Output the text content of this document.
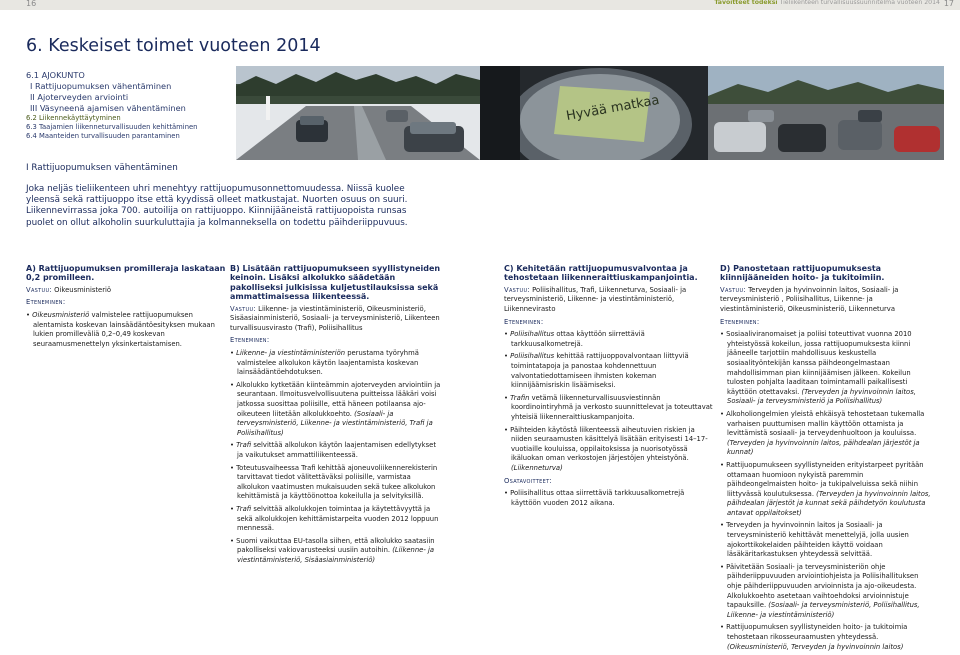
16	Tavoitteet todeksi Tieliikenteen turvallisuussuunnitelma vuoteen 2014 17
6. Keskeiset toimet vuoteen 2014
6.1 AJOKUNTO
I Rattijuopumuksen vähentäminen
II Ajoterveyden arviointi
III Väsyneenä ajamisen vähentäminen
6.2 Liikennekäyttäytyminen
6.3 Taajamien liikenneturvallisuuden kehittäminen
6.4 Maanteiden turvallisuuden parantaminen
Hyvää matkaa
I Rattijuopumuksen vähentäminen

Joka neljäs tieliikenteen uhri menehtyy rattijuopumusonnettomuudessa. Niissä kuolee

yleensä sekä rattijuoppo itse että kyydissä olleet matkustajat. Nuorten osuus on suuri.

Liikennevirrassa joka 700. autoilija on rattijuoppo. Kiinnijääneistä rattijuopoista runsas

puolet on ollut alkoholin suurkuluttajia ja kolmanneksella on todettu päihderiippuvuus.

A) Rattijuopumuksen promilleraja laskataan 0,2 promilleen.

Vastuu: Oikeusministeriö

Eteneminen:

• Oikeusministeriö valmistelee rattijuopumuksen alentamista koskevan lainsäädäntöesityksen mukaan lukien promilleväliä 0,2–0,49 koskevan seuraamusmenettelyn yksinkertaistamisen.
B) Lisätään rattijuopumukseen syyllistyneiden keinoin. Lisäksi alkolukko säädetään pakolliseksi julkisissa kuljetustilauksissa sekä ammattimaisessa liikenteessä.

Vastuu: Liikenne- ja viestintäministeriö, Oikeusministeriö, Sisäasiainministeriö, Sosiaali- ja terveysministeriö, Liikenteen turvallisuusvirasto (Trafi), Poliisihallitus

Eteneminen:

• Liikenne- ja viestintäministeriön perustama työryhmä valmistelee alkolukon käytön laajentamista koskevan lainsäädäntöehdotuksen.
• Alkolukko kytketään kiinteämmin ajoterveyden arviointiin ja seurantaan. Ilmoitusvelvollisuutena puitteissa lääkäri voisi jatkossa suosittaa poliisille, että häneen potilaansa ajo-oikeuteen liitetään alkolukkoehto. (Sosiaali- ja terveysministeriö, Liikenne- ja viestintäministeriö, Trafi ja Poliisihallitus)
• Trafi selvittää alkolukon käytön laajentamisen edellytykset ja vaikutukset ammattiliikenteessä.
• Toteutusvaiheessa Trafi kehittää ajoneuvoliikennerekisterin tarvittavat tiedot välitettäväksi poliisille, varmistaa alkolukon vaatimusten mukaisuuden sekä tukee alkolukon kehittämistä ja käyttöönottoa kokeilulla ja selvityksillä.
• Trafi selvittää alkolukkojen toimintaa ja käytettävyyttä ja sekä alkolukkojen kehittämistarpeita vuoden 2012 loppuun mennessä.
• Suomi vaikuttaa EU-tasolla siihen, että alkolukko saatasiin pakolliseksi vakiovarusteeksi uusiin autoihin. (Liikenne- ja viestintäministeriö, Sisäasiainministeriö)
C) Kehitetään rattijuopumusvalvontaa ja tehostetaan liikenneraittiuskampanjointia.

Vastuu: Poliisihallitus, Trafi, Liikenneturva, Sosiaali- ja terveysministeriö, Liikenne- ja viestintäministeriö, Liikennevirasto

Eteneminen:

• Poliisihallitus ottaa käyttöön siirrettäviä tarkkuusalkometrejä.
• Poliisihallitus kehittää rattijuoppovalvontaan liittyviä toimintatapoja ja panostaa kohdennettuun valvontatiedottamiseen ihmisten kokeman kiinnijäämisriskin lisäämiseksi.
• Trafin vetämä liikenneturvallisuusviestinnän koordinointiryhmä ja verkosto suunnittelevat ja toteuttavat yhteisiä liikenneraittiuskampanjoita.
• Päihteiden käytöstä liikenteessä aiheutuvien riskien ja niiden seuraamusten käsittelyä lisätään erityisesti 14–17-vuotiaille kouluissa, oppilaitoksissa ja nuorisotyössä ikäluokan oman verkostojen järjestöjen yhteistyönä. (Liikenneturva)

Osatavoitteet:

• Poliisihallitus ottaa siirrettäviä tarkkuusalkometrejä käyttöön vuoden 2012 aikana.
D) Panostetaan rattijuopumuksesta kiinnijääneiden hoito- ja tukitoimiin.

Vastuu: Terveyden ja hyvinvoinnin laitos, Sosiaali- ja terveysministeriö , Poliisihallitus, Liikenne- ja viestintäministeriö, Oikeusministeriö, Liikenneturva

Eteneminen:

• Sosiaaliviranomaiset ja poliisi toteuttivat vuonna 2010 yhteistyössä kokeilun, jossa rattijuopumuksesta kiinni jääneelle tarjottiin mahdollisuus keskustella sosiaalityöntekijän kanssa päihdeongelmastaan mahdollisimman pian kiinnijäämisen jälkeen. Kokeilun tulosten pohjalta laaditaan toimintamalli paikallisesti käyttöön otettavaksi. (Terveyden ja hyvinvoinnin laitos, Sosiaali- ja terveysministeriö ja Poliisihallitus)
• Alkoholiongelmien yleistä ehkäisyä tehostetaan tukemalla varhaisen puuttumisen mallin käyttöön ottamista ja levittämistä sosiaali- ja terveydenhuoltoon ja kouluissa. (Terveyden ja hyvinvoinnin laitos, päihdealan järjestöt ja kunnat)
• Rattijuopumukseen syyllistyneiden erityistarpeet pyritään ottamaan huomioon nykyistä paremmin päihdeongelmaisten hoito- ja tukipalveluissa sekä niihin liittyvässä koulutuksessa. (Terveyden ja hyvinvoinnin laitos, päihdealan järjestöt ja kunnat sekä päihdetyön koulutusta antavat oppilaitokset)
• Terveyden ja hyvinvoinnin laitos ja Sosiaali- ja terveysministeriö kehittävät menettelyjä, jolla uusien ajokorttikokelaiden päihteiden käyttö voidaan läsäkäritarkastuksen yhteydessä selvittää.
• Päivitetään Sosiaali- ja terveysministeriön ohje päihderiippuvuuden arviointiohjeista ja Poliisihallituksen ohje päihderiippuvuuden arvioinnista ja ajo-oikeudesta. Alkolukkoehto asetetaan vaihtoehdoksi arvioinnistuje tapauksille. (Sosiaali- ja terveysministeriö, Poliisihallitus, Liikenne- ja viestintäministeriö)
• Rattijuopumuksen syyllistyneiden hoito- ja tukitoimia tehostetaan rikosseuraamusten yhteydessä. (Oikeusministeriö, Terveyden ja hyvinvoinnin laitos)
